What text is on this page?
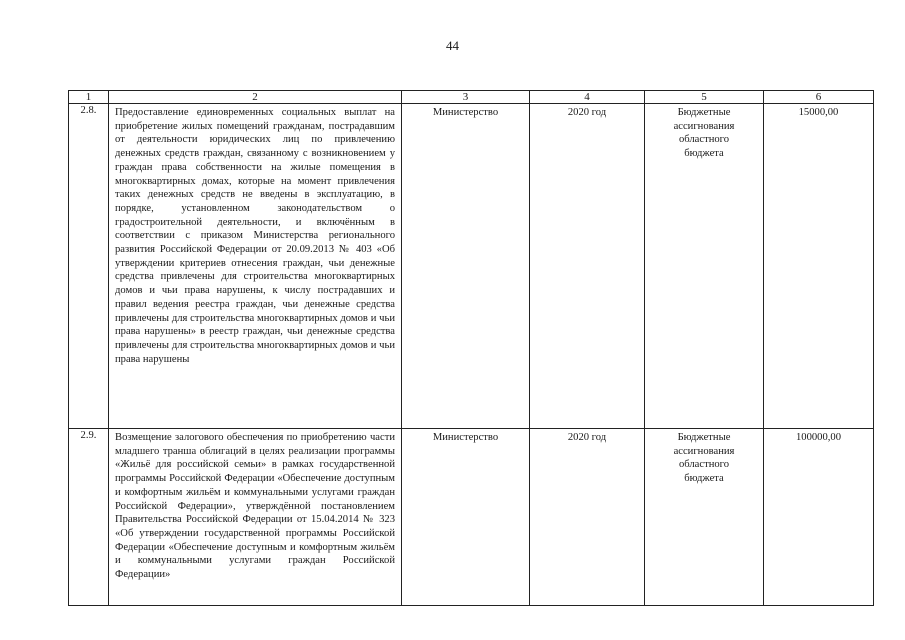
44
1	2	3	4	5	6
2.8.	Предоставление единовременных социальных выплат на приобретение жилых помещений гражданам, пострадавшим от деятельности юридических лиц по привлечению денежных средств граждан, связанному с возникновением у граждан права собственности на жилые помещения в многоквартирных домах, которые на момент привлечения таких денежных средств не введены в эксплуатацию, в порядке, установленном законодательством о градостроительной деятельности, и включённым в соответствии с приказом Министерства регионального развития Российской Федерации от 20.09.2013 № 403 «Об утверждении критериев отнесения граждан, чьи денежные средства привлечены для строительства многоквартирных домов и чьи права нарушены, к числу пострадавших и правил ведения реестра граждан, чьи денежные средства привлечены для строительства многоквартирных домов и чьи права нарушены» в реестр граждан, чьи денежные средства привлечены для строительства многоквартирных домов и чьи права нарушены	Министерство	2020 год	Бюджетные ассигнования областного бюджета	15000,00
2.9.	Возмещение залогового обеспечения по приобретению части младшего транша облигаций в целях реализации программы «Жильё для российской семьи» в рамках государственной программы Российской Федерации «Обеспечение доступным и комфортным жильём и коммунальными услугами граждан Российской Федерации», утверждённой постановлением Правительства Российской Федерации от 15.04.2014 № 323 «Об утверждении государственной программы Российской Федерации «Обеспечение доступным и комфортным жильём и коммунальными услугами граждан Российской Федерации»	Министерство	2020 год	Бюджетные ассигнования областного бюджета	100000,00
